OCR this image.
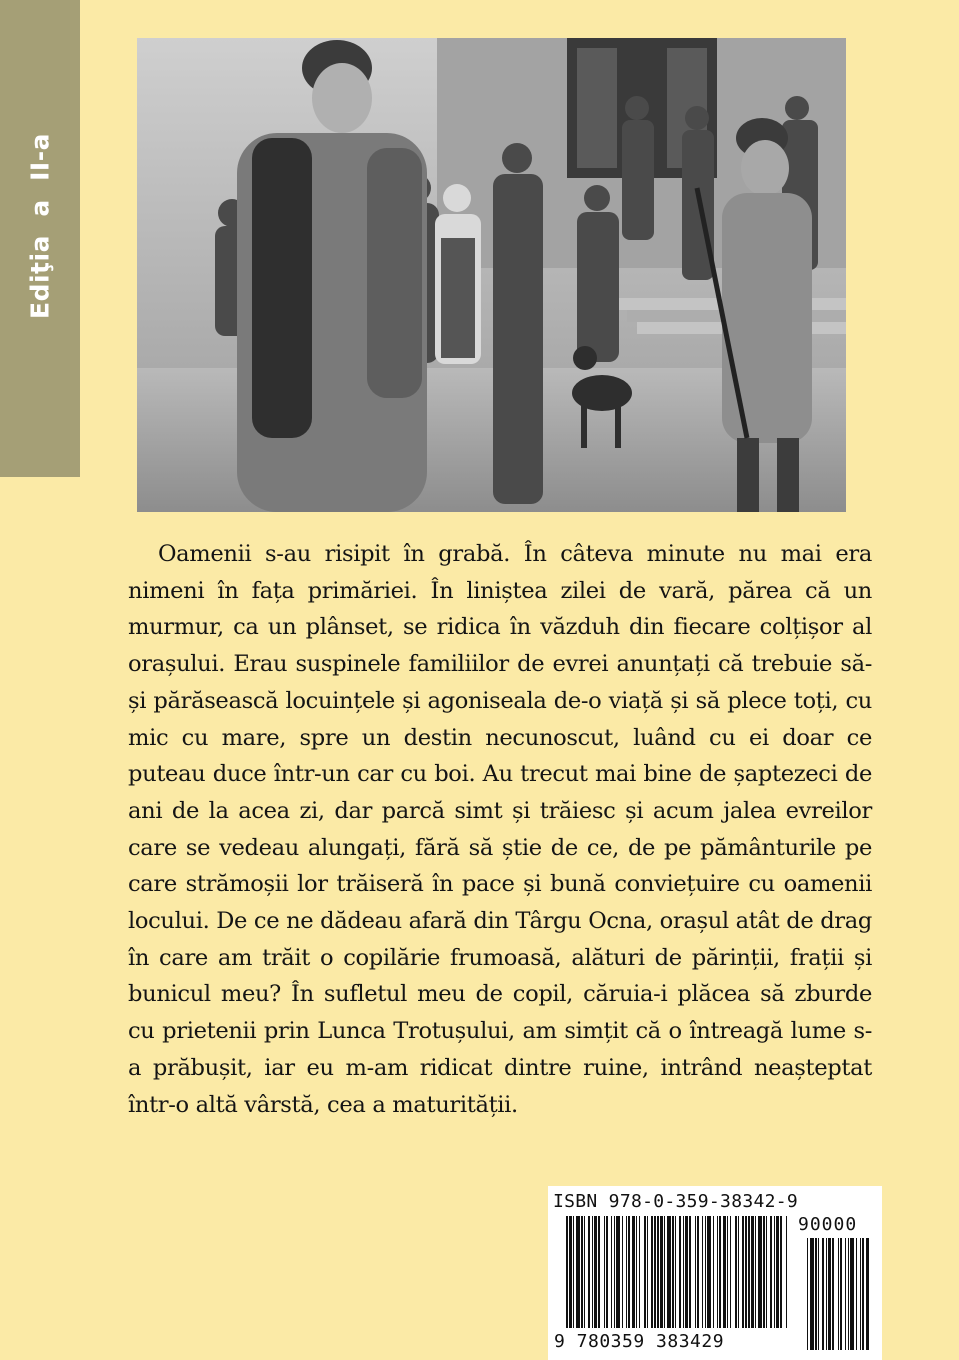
Ediţia  a  II-a
Oamenii s-au risipit în grabă. În câteva minute nu mai era nimeni în fața primăriei. În liniștea zilei de vară, părea că un murmur, ca un plânset, se ridica în văzduh din fiecare colțișor al orașului. Erau suspinele familiilor de evrei anunțați că trebuie să-și părăsească locuințele și agoniseala de-o viață și să plece toți, cu mic cu mare, spre un destin necunoscut, luând cu ei doar ce puteau duce într-un car cu boi. Au trecut mai bine de șaptezeci de ani de la acea zi, dar parcă simt și trăiesc și acum jalea evreilor care se vedeau alungați, fără să știe de ce, de pe pământurile pe care strămoșii lor trăiseră în pace și bună conviețuire cu oamenii locului. De ce ne dădeau afară din Târgu Ocna, orașul atât de drag în care am trăit o copilărie frumoasă, alături de părinții, frații și bunicul meu? În sufletul meu de copil, căruia-i plăcea să zburde cu prietenii prin Lunca Trotușului, am simțit că o întreagă lume s-a prăbușit, iar eu m-am ridicat dintre ruine, intrând neașteptat într-o altă vârstă, cea a maturității.
ISBN 978-0-359-38342-9
90000
9 780359 383429
